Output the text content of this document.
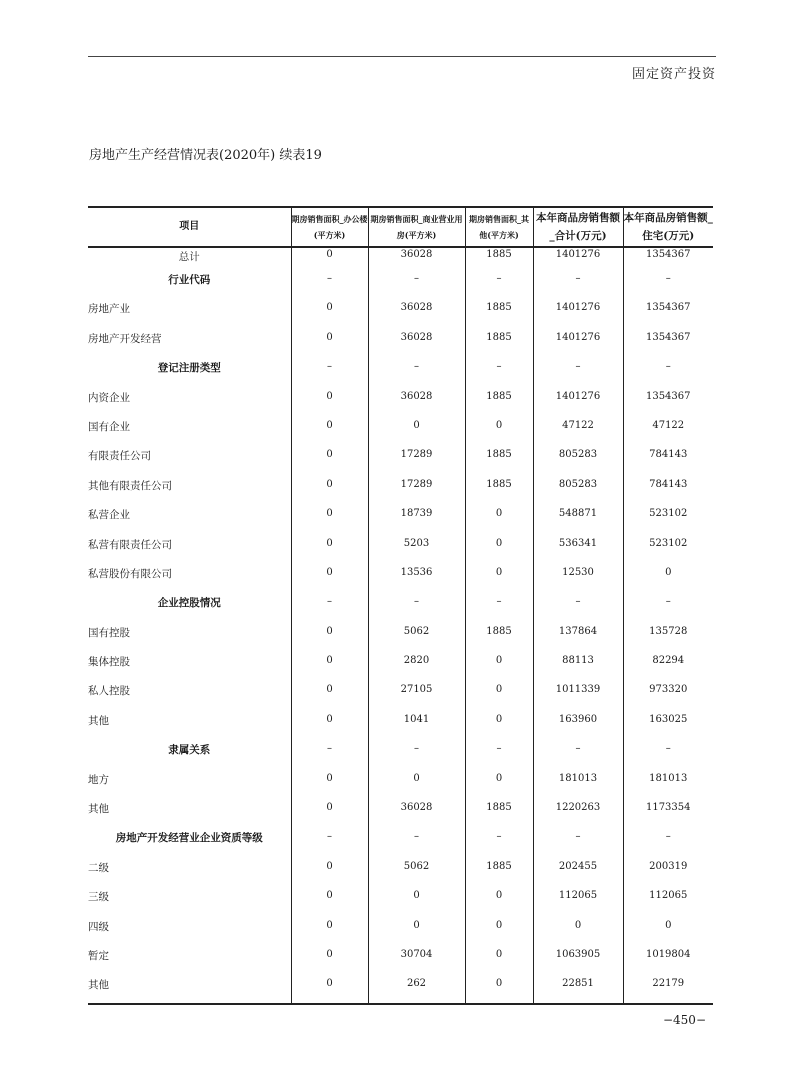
固定资产投资
房地产生产经营情况表(2020年) 续表19
项目	期房销售面积_办公楼(平方米)	期房销售面积_商业营业用房(平方米)	期房销售面积_其他(平方米)	本年商品房销售额_合计(万元)	本年商品房销售额_住宅(万元)
总计	0	36028	1885	1401276	1354367
行业代码	–	–	–	–	–
房地产业	0	36028	1885	1401276	1354367
房地产开发经营	0	36028	1885	1401276	1354367
登记注册类型	–	–	–	–	–
内资企业	0	36028	1885	1401276	1354367
国有企业	0	0	0	47122	47122
有限责任公司	0	17289	1885	805283	784143
其他有限责任公司	0	17289	1885	805283	784143
私营企业	0	18739	0	548871	523102
私营有限责任公司	0	5203	0	536341	523102
私营股份有限公司	0	13536	0	12530	0
企业控股情况	–	–	–	–	–
国有控股	0	5062	1885	137864	135728
集体控股	0	2820	0	88113	82294
私人控股	0	27105	0	1011339	973320
其他	0	1041	0	163960	163025
隶属关系	–	–	–	–	–
地方	0	0	0	181013	181013
其他	0	36028	1885	1220263	1173354
房地产开发经营业企业资质等级	–	–	–	–	–
二级	0	5062	1885	202455	200319
三级	0	0	0	112065	112065
四级	0	0	0	0	0
暂定	0	30704	0	1063905	1019804
其他	0	262	0	22851	22179
−450−
